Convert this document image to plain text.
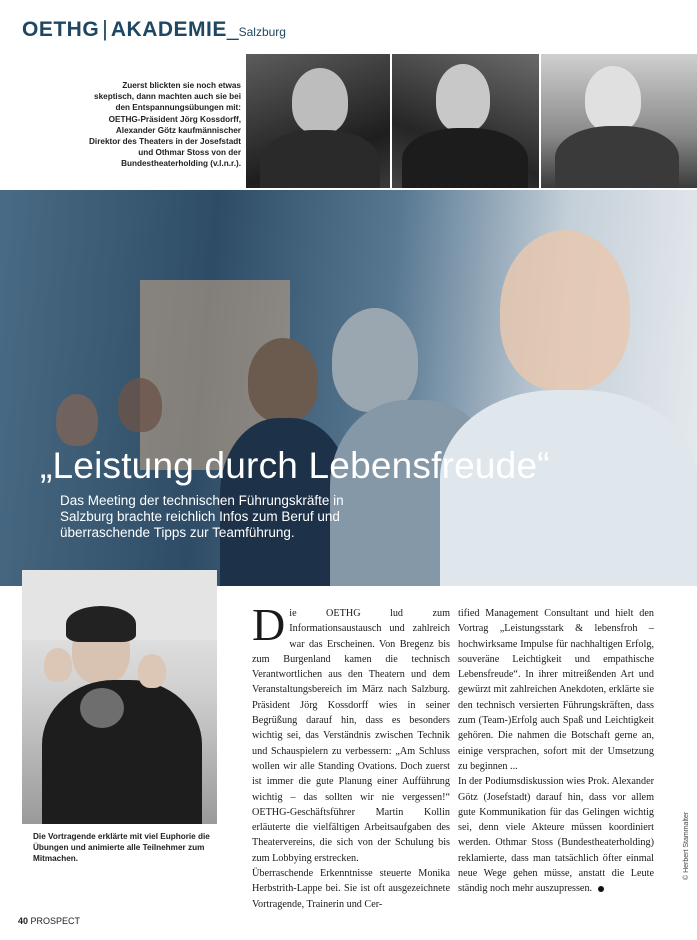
OETHG | AKADEMIE_Salzburg
Zuerst blickten sie noch etwas skeptisch, dann machten auch sie bei den Entspannungsübungen mit: OETHG-Präsident Jörg Kossdorff, Alexander Götz kaufmännischer Direktor des Theaters in der Josefstadt und Othmar Stoss von der Bundestheaterholding (v.l.n.r.).
„Leistung durch Lebensfreude“
Das Meeting der technischen Führungskräfte in Salzburg brachte reichlich Infos zum Beruf und überraschende Tipps zur Teamführung.
Die Vortragende erklärte mit viel Euphorie die Übungen und animierte alle Teilnehmer zum Mitmachen.

Die OETHG lud zum Informationsaustausch und zahlreich war das Erscheinen. Von Bregenz bis zum Burgenland kamen die technisch Verantwortlichen aus den Theatern und dem Veranstaltungsbereich im März nach Salzburg. Präsident Jörg Kossdorff wies in seiner Begrüßung darauf hin, dass es besonders wichtig sei, das Verständnis zwischen Technik und Schauspielern zu verbessern: „Am Schluss wollen wir alle Standing Ovations. Doch zuerst ist immer die gute Planung einer Aufführung wichtig – das sollten wir nie vergessen!“ OETHG-Geschäftsführer Martin Kollin erläuterte die vielfältigen Arbeitsaufgaben des Theatervereins, die sich von der Schulung bis zum Lobbying erstrecken.

Überraschende Erkenntnisse steuerte Monika Herbstrith-Lappe bei. Sie ist oft ausgezeichnete Vortragende, Trainerin und Cer-

tified Management Consultant und hielt den Vortrag „Leistungsstark & lebensfroh – hochwirksame Impulse für nachhaltigen Erfolg, souveräne Leichtigkeit und empathische Lebensfreude“. In ihrer mitreißenden Art und gewürzt mit zahlreichen Anekdoten, erklärte sie den technisch versierten Führungskräften, dass zum (Team-)Erfolg auch Spaß und Leichtigkeit gehören. Die nahmen die Botschaft gerne an, einige versprachen, sofort mit der Umsetzung zu beginnen ...

In der Podiumsdiskussion wies Prok. Alexander Götz (Josefstadt) darauf hin, dass vor allem gute Kommunikation für das Gelingen wichtig sei, denn viele Akteure müssen koordiniert werden. Othmar Stoss (Bundestheaterholding) reklamierte, dass man tatsächlich öfter einmal neue Wege gehen müsse, anstatt die Leute ständig noch mehr auszupressen.

© Herbert Stammalter
40 PROSPECT
